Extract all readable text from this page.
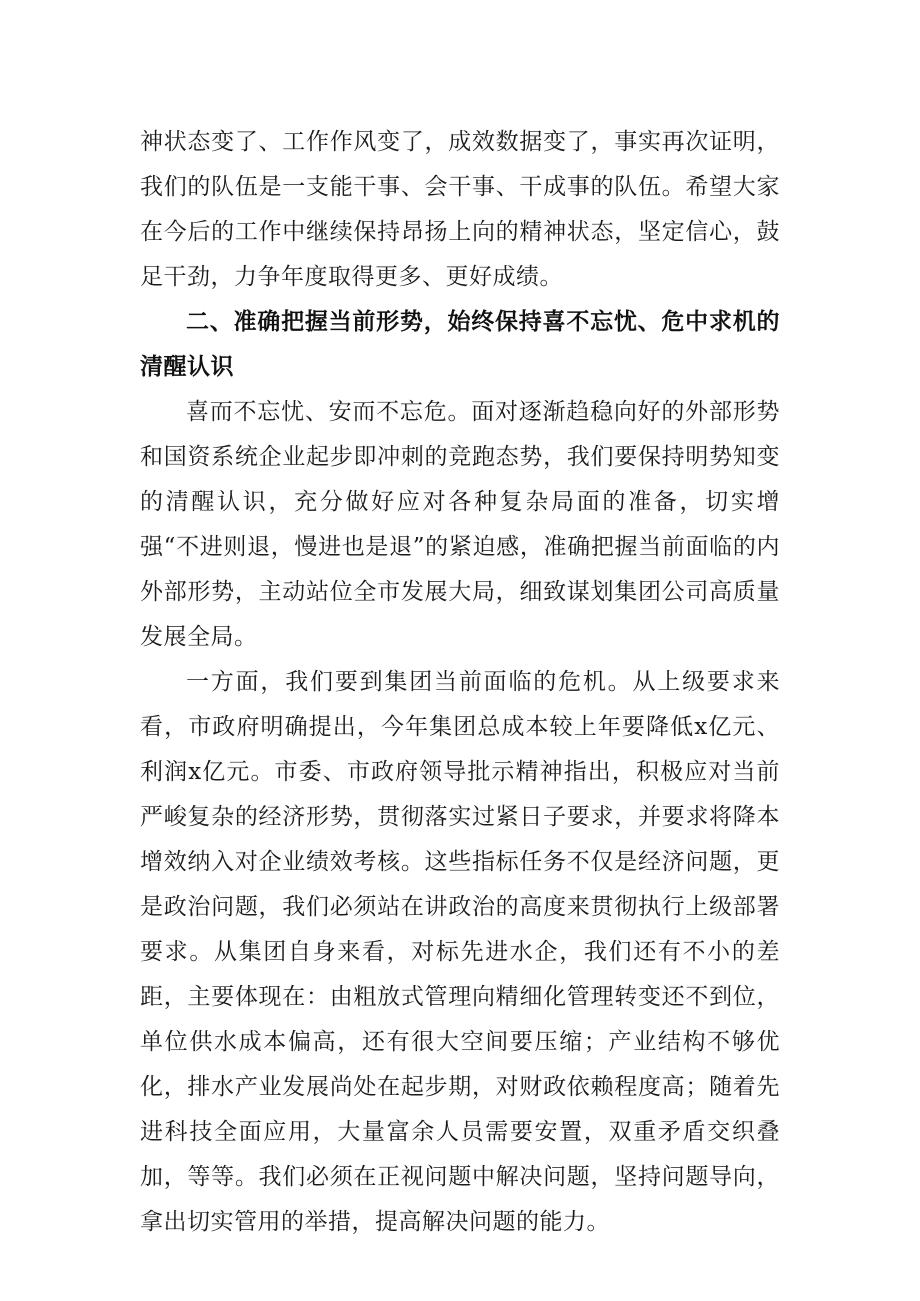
神状态变了、工作作风变了，成效数据变了，事实再次证明，我们的队伍是一支能干事、会干事、干成事的队伍。希望大家在今后的工作中继续保持昂扬上向的精神状态，坚定信心，鼓足干劲，力争年度取得更多、更好成绩。

二、准确把握当前形势，始终保持喜不忘忧、危中求机的清醒认识

喜而不忘忧、安而不忘危。面对逐渐趋稳向好的外部形势和国资系统企业起步即冲刺的竞跑态势，我们要保持明势知变的清醒认识，充分做好应对各种复杂局面的准备，切实增强“不进则退，慢进也是退”的紧迫感，准确把握当前面临的内外部形势，主动站位全市发展大局，细致谋划集团公司高质量发展全局。

一方面，我们要到集团当前面临的危机。从上级要求来看，市政府明确提出，今年集团总成本较上年要降低x亿元、利润x亿元。市委、市政府领导批示精神指出，积极应对当前严峻复杂的经济形势，贯彻落实过紧日子要求，并要求将降本增效纳入对企业绩效考核。这些指标任务不仅是经济问题，更是政治问题，我们必须站在讲政治的高度来贯彻执行上级部署要求。从集团自身来看，对标先进水企，我们还有不小的差距，主要体现在：由粗放式管理向精细化管理转变还不到位，单位供水成本偏高，还有很大空间要压缩；产业结构不够优化，排水产业发展尚处在起步期，对财政依赖程度高；随着先进科技全面应用，大量富余人员需要安置，双重矛盾交织叠加，等等。我们必须在正视问题中解决问题，坚持问题导向，拿出切实管用的举措，提高解决问题的能力。
